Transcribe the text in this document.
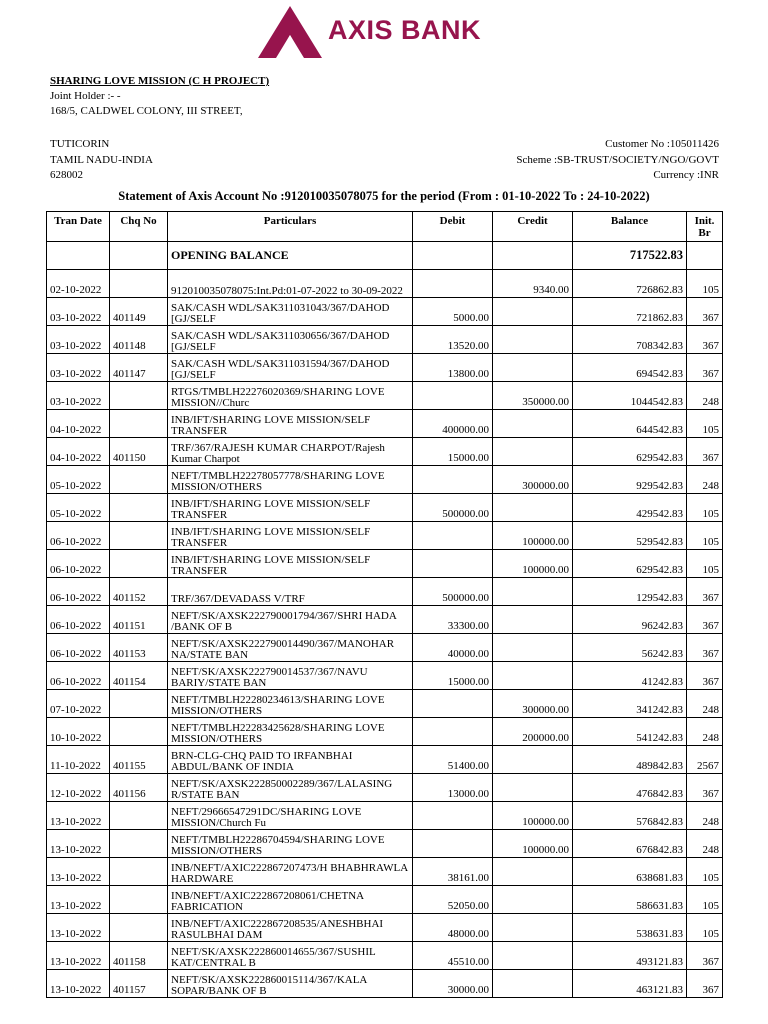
AXIS BANK
SHARING LOVE MISSION (C H PROJECT)
Joint Holder :- -
168/5, CALDWEL COLONY, III STREET,
TUTICORIN
TAMIL NADU-INDIA
628002
Customer No :105011426
Scheme :SB-TRUST/SOCIETY/NGO/GOVT
Currency :INR
Statement of Axis Account No :912010035078075 for the period (From : 01-10-2022 To : 24-10-2022)
Tran Date	Chq No	Particulars	Debit	Credit	Balance	Init. Br
		OPENING BALANCE			717522.83	
02-10-2022		912010035078075:Int.Pd:01-07-2022 to 30-09-2022		9340.00	726862.83	105
03-10-2022	401149	SAK/CASH WDL/SAK311031043/367/DAHOD [GJ/SELF	5000.00		721862.83	367
03-10-2022	401148	SAK/CASH WDL/SAK311030656/367/DAHOD [GJ/SELF	13520.00		708342.83	367
03-10-2022	401147	SAK/CASH WDL/SAK311031594/367/DAHOD [GJ/SELF	13800.00		694542.83	367
03-10-2022		RTGS/TMBLH22276020369/SHARING LOVE MISSION//Churc		350000.00	1044542.83	248
04-10-2022		INB/IFT/SHARING LOVE MISSION/SELF TRANSFER	400000.00		644542.83	105
04-10-2022	401150	TRF/367/RAJESH KUMAR CHARPOT/Rajesh Kumar Charpot	15000.00		629542.83	367
05-10-2022		NEFT/TMBLH22278057778/SHARING LOVE MISSION/OTHERS		300000.00	929542.83	248
05-10-2022		INB/IFT/SHARING LOVE MISSION/SELF TRANSFER	500000.00		429542.83	105
06-10-2022		INB/IFT/SHARING LOVE MISSION/SELF TRANSFER		100000.00	529542.83	105
06-10-2022		INB/IFT/SHARING LOVE MISSION/SELF TRANSFER		100000.00	629542.83	105
06-10-2022	401152	TRF/367/DEVADASS V/TRF	500000.00		129542.83	367
06-10-2022	401151	NEFT/SK/AXSK222790001794/367/SHRI HADA /BANK OF B	33300.00		96242.83	367
06-10-2022	401153	NEFT/SK/AXSK222790014490/367/MANOHAR NA/STATE BAN	40000.00		56242.83	367
06-10-2022	401154	NEFT/SK/AXSK222790014537/367/NAVU BARIY/STATE BAN	15000.00		41242.83	367
07-10-2022		NEFT/TMBLH22280234613/SHARING LOVE MISSION/OTHERS		300000.00	341242.83	248
10-10-2022		NEFT/TMBLH22283425628/SHARING LOVE MISSION/OTHERS		200000.00	541242.83	248
11-10-2022	401155	BRN-CLG-CHQ PAID TO IRFANBHAI ABDUL/BANK OF INDIA	51400.00		489842.83	2567
12-10-2022	401156	NEFT/SK/AXSK222850002289/367/LALASING R/STATE BAN	13000.00		476842.83	367
13-10-2022		NEFT/29666547291DC/SHARING LOVE MISSION/Church Fu		100000.00	576842.83	248
13-10-2022		NEFT/TMBLH22286704594/SHARING LOVE MISSION/OTHERS		100000.00	676842.83	248
13-10-2022		INB/NEFT/AXIC222867207473/H BHABHRAWLA HARDWARE	38161.00		638681.83	105
13-10-2022		INB/NEFT/AXIC222867208061/CHETNA FABRICATION	52050.00		586631.83	105
13-10-2022		INB/NEFT/AXIC222867208535/ANESHBHAI RASULBHAI DAM	48000.00		538631.83	105
13-10-2022	401158	NEFT/SK/AXSK222860014655/367/SUSHIL KAT/CENTRAL B	45510.00		493121.83	367
13-10-2022	401157	NEFT/SK/AXSK222860015114/367/KALA SOPAR/BANK OF B	30000.00		463121.83	367
